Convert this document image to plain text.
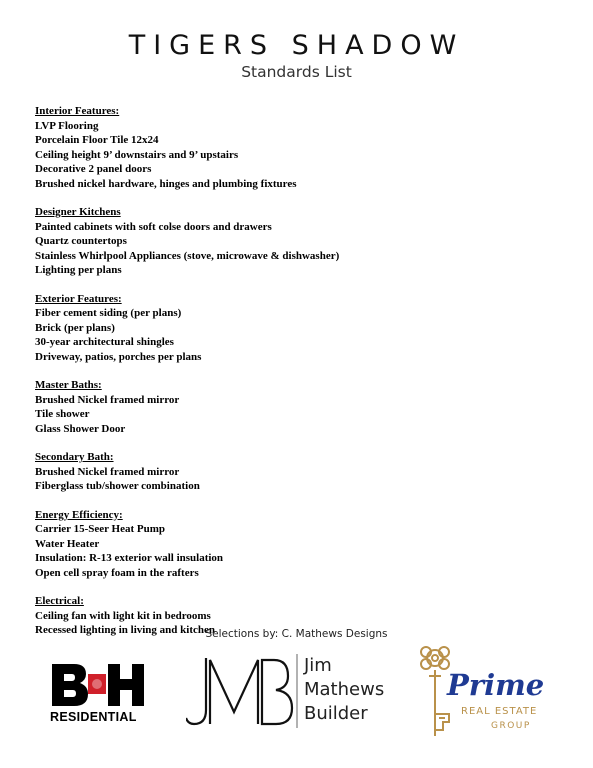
TIGERS SHADOW
Standards List
Interior Features:
LVP Flooring
Porcelain Floor Tile 12x24
Ceiling height 9’ downstairs and 9’ upstairs
Decorative 2 panel doors
Brushed nickel hardware, hinges and plumbing fixtures
Designer Kitchens
Painted cabinets with soft colse doors and drawers
Quartz countertops
Stainless Whirlpool Appliances (stove, microwave & dishwasher)
Lighting per plans
Exterior Features:
Fiber cement siding (per plans)
Brick (per plans)
30-year architectural shingles
Driveway, patios, porches per plans
Master Baths:
Brushed Nickel framed mirror
Tile shower
Glass Shower Door
Secondary Bath:
Brushed Nickel framed mirror
Fiberglass tub/shower combination
Energy Efficiency:
Carrier 15-Seer Heat Pump
Water Heater
Insulation: R-13 exterior wall insulation
Open cell spray foam in the rafters
Electrical:
Ceiling fan with light kit in bedrooms
Recessed lighting in living and kitchen
Selections by: C. Mathews Designs
RESIDENTIAL
Jim
Mathews
Builder
Prime
REAL ESTATE
GROUP
